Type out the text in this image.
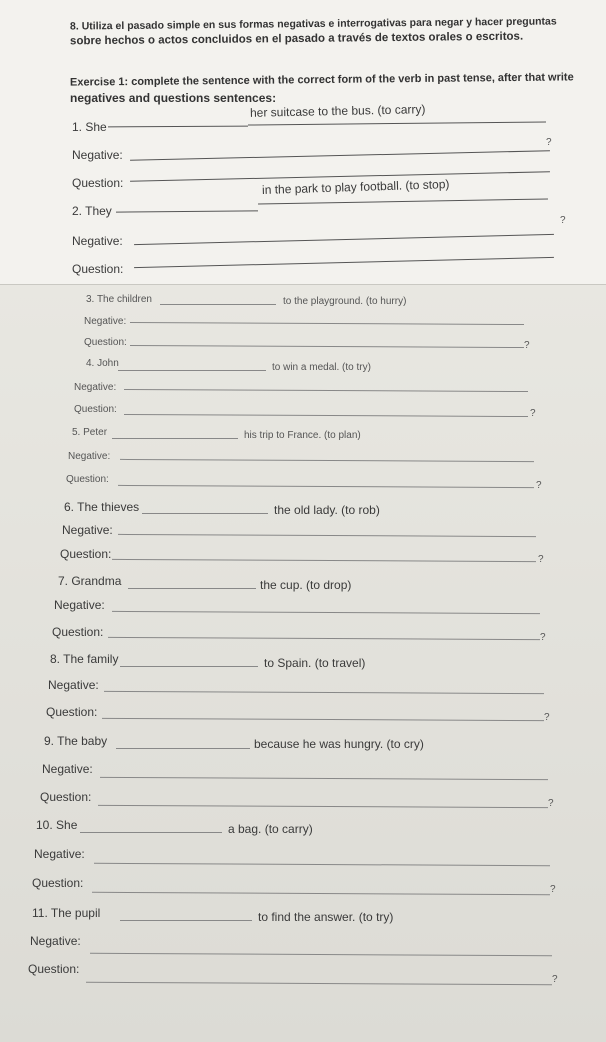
8. Utiliza el pasado simple en sus formas negativas e interrogativas para negar y hacer preguntas
sobre hechos o actos concluidos en el pasado a través de textos orales o escritos.
Exercise 1: complete the sentence with the correct form of the verb in past tense, after that write
negatives and questions sentences:
1. She
her suitcase to the bus. (to carry)
Negative:
?
Question:
2. They
in the park to play football. (to stop)
Negative:
?
Question:
3. The children	to the playground. (to hurry)
Negative:
Question:	?
4. John	to win a medal. (to try)
Negative:
Question:	?
5. Peter	his trip to France. (to plan)
Negative:
Question:
?
6. The thieves	the old lady. (to rob)
Negative:
Question:	?
7. Grandma	the cup. (to drop)
Negative:
Question:	?
8. The family	to Spain. (to travel)
Negative:
Question:	?
9. The baby	because he was hungry. (to cry)
Negative:
Question:	?
10. She	a bag. (to carry)
Negative:
Question:	?
11. The pupil	to find the answer. (to try)
Negative:
Question:
?
